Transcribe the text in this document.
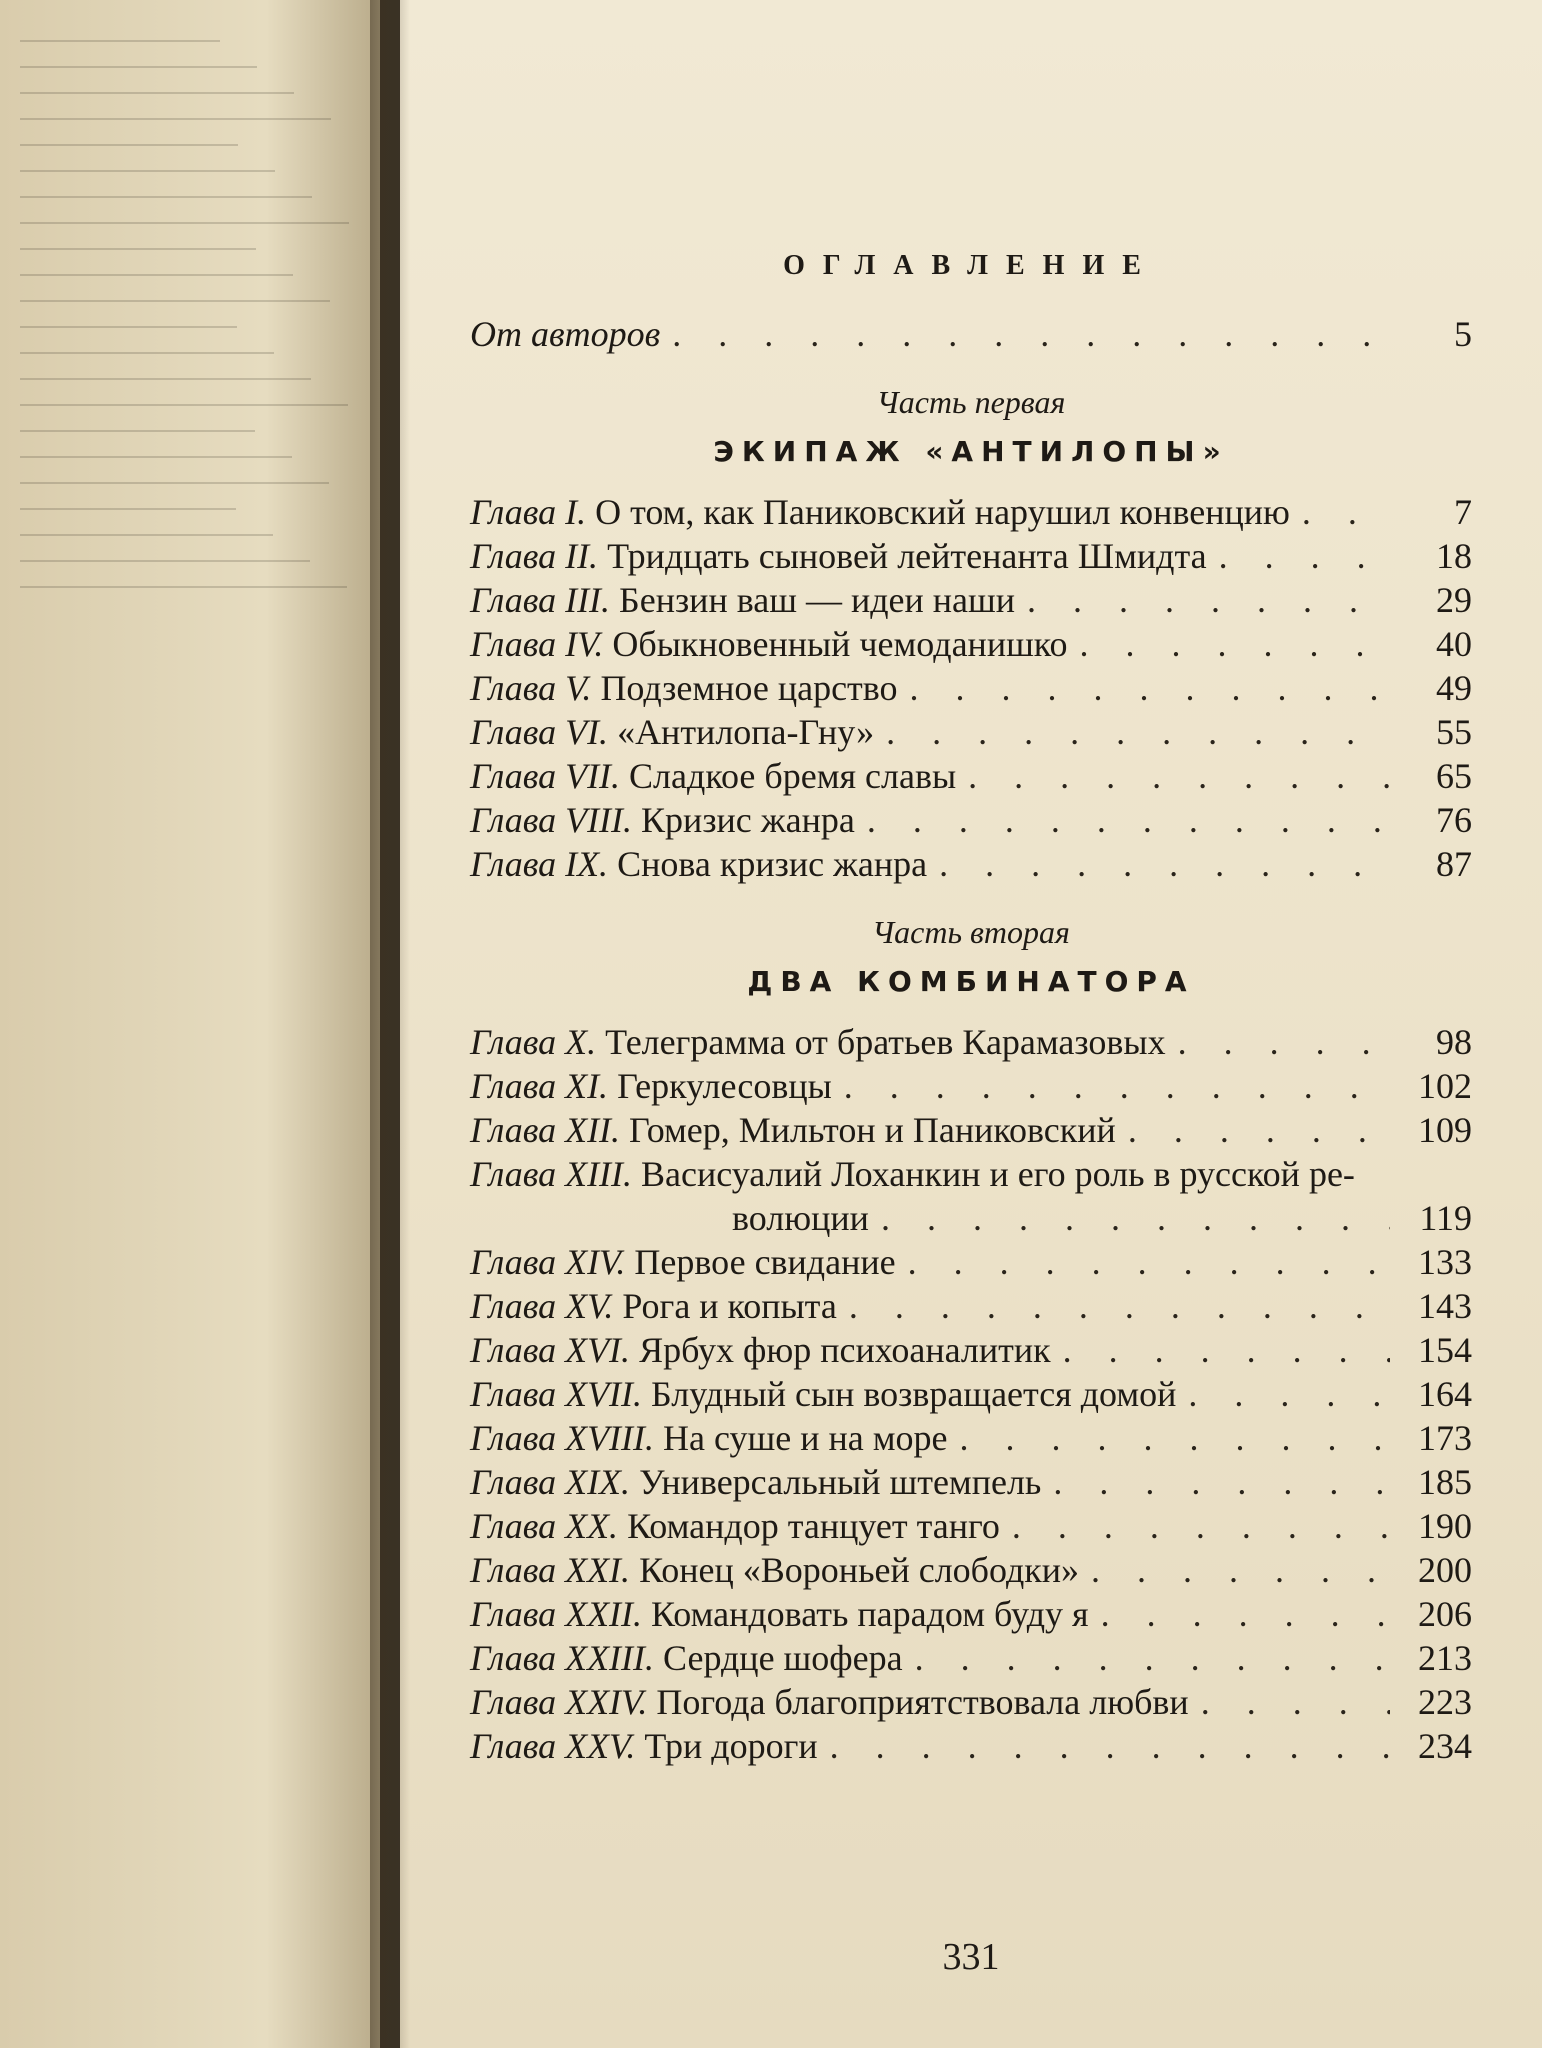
ОГЛАВЛЕНИЕ
От авторов . . .	5
Часть первая
ЭКИПАЖ «АНТИЛОПЫ»
Глава I.
О том, как Паниковский нарушил конвенцию . . .	7
Глава II.
Тридцать сыновей лейтенанта Шмидта . . .	18
Глава III.
Бензин ваш — идеи наши . . .	29
Глава IV.
Обыкновенный чемоданишко . . .	40
Глава V.
Подземное царство . . .	49
Глава VI.
«Антилопа-Гну» . . .	55
Глава VII.
Сладкое бремя славы . . .	65
Глава VIII.
Кризис жанра . . .	76
Глава IX.
Снова кризис жанра . . .	87
Часть вторая
ДВА КОМБИНАТОРА
Глава X.
Телеграмма от братьев Карамазовых . . .	98
Глава XI.
Геркулесовцы . . .	102
Глава XII.
Гомер, Мильтон и Паниковский . . .	109
Глава XIII.
Васисуалий Лоханкин и его роль в русской ре-
волюции . . .	119
Глава XIV.
Первое свидание . . .	133
Глава XV.
Рога и копыта . . .	143
Глава XVI.
Ярбух фюр психоаналитик . . .	154
Глава XVII.
Блудный сын возвращается домой . . .	164
Глава XVIII.
На суше и на море . . .	173
Глава XIX.
Универсальный штемпель . . .	185
Глава XX.
Командор танцует танго . . .	190
Глава XXI.
Конец «Вороньей слободки» . . .	200
Глава XXII.
Командовать парадом буду я . . .	206
Глава XXIII.
Сердце шофера . . .	213
Глава XXIV.
Погода благоприятствовала любви . . .	223
Глава XXV.
Три дороги . . .	234
331
